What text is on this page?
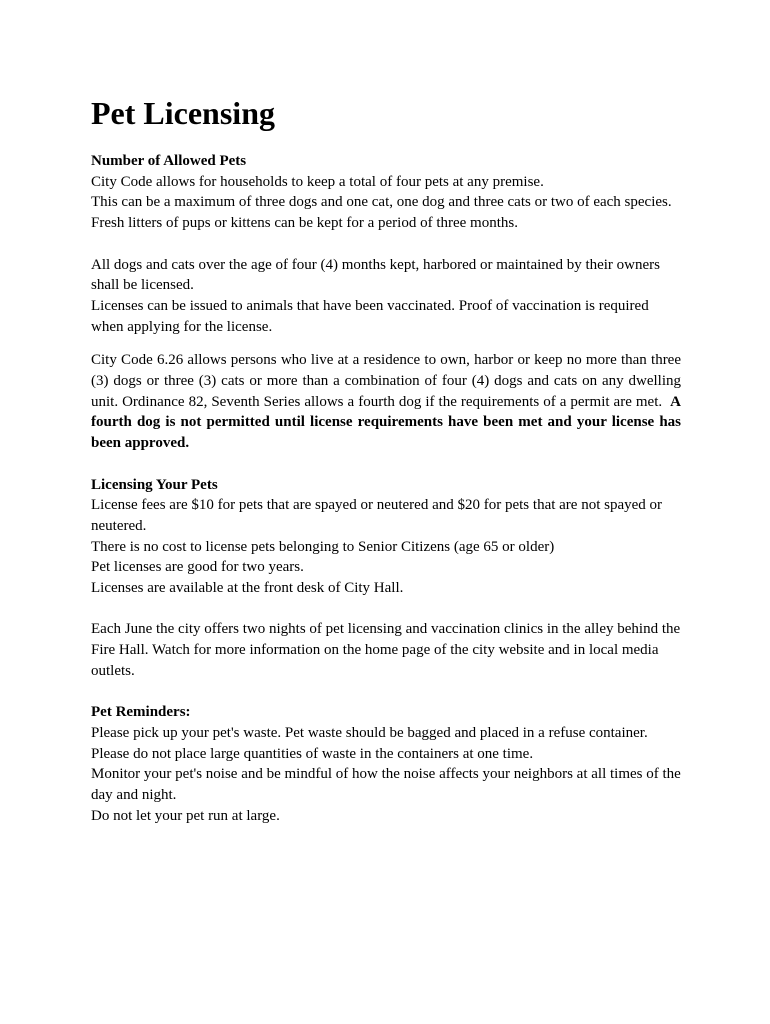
Pet Licensing

Number of Allowed Pets

City Code allows for households to keep a total of four pets at any premise.

This can be a maximum of three dogs and one cat, one dog and three cats or two of each species.

Fresh litters of pups or kittens can be kept for a period of three months.

All dogs and cats over the age of four (4) months kept, harbored or maintained by their owners shall be licensed.

Licenses can be issued to animals that have been vaccinated. Proof of vaccination is required when applying for the license.

City Code 6.26 allows persons who live at a residence to own, harbor or keep no more than three (3) dogs or three (3) cats or more than a combination of four (4) dogs and cats on any dwelling unit. Ordinance 82, Seventh Series allows a fourth dog if the requirements of a permit are met. A fourth dog is not permitted until license requirements have been met and your license has been approved.

Licensing Your Pets

License fees are $10 for pets that are spayed or neutered and $20 for pets that are not spayed or neutered.

There is no cost to license pets belonging to Senior Citizens (age 65 or older)

Pet licenses are good for two years.

Licenses are available at the front desk of City Hall.

Each June the city offers two nights of pet licensing and vaccination clinics in the alley behind the Fire Hall. Watch for more information on the home page of the city website and in local media outlets.

Pet Reminders:

Please pick up your pet's waste. Pet waste should be bagged and placed in a refuse container. Please do not place large quantities of waste in the containers at one time.

Monitor your pet's noise and be mindful of how the noise affects your neighbors at all times of the day and night.

Do not let your pet run at large.
